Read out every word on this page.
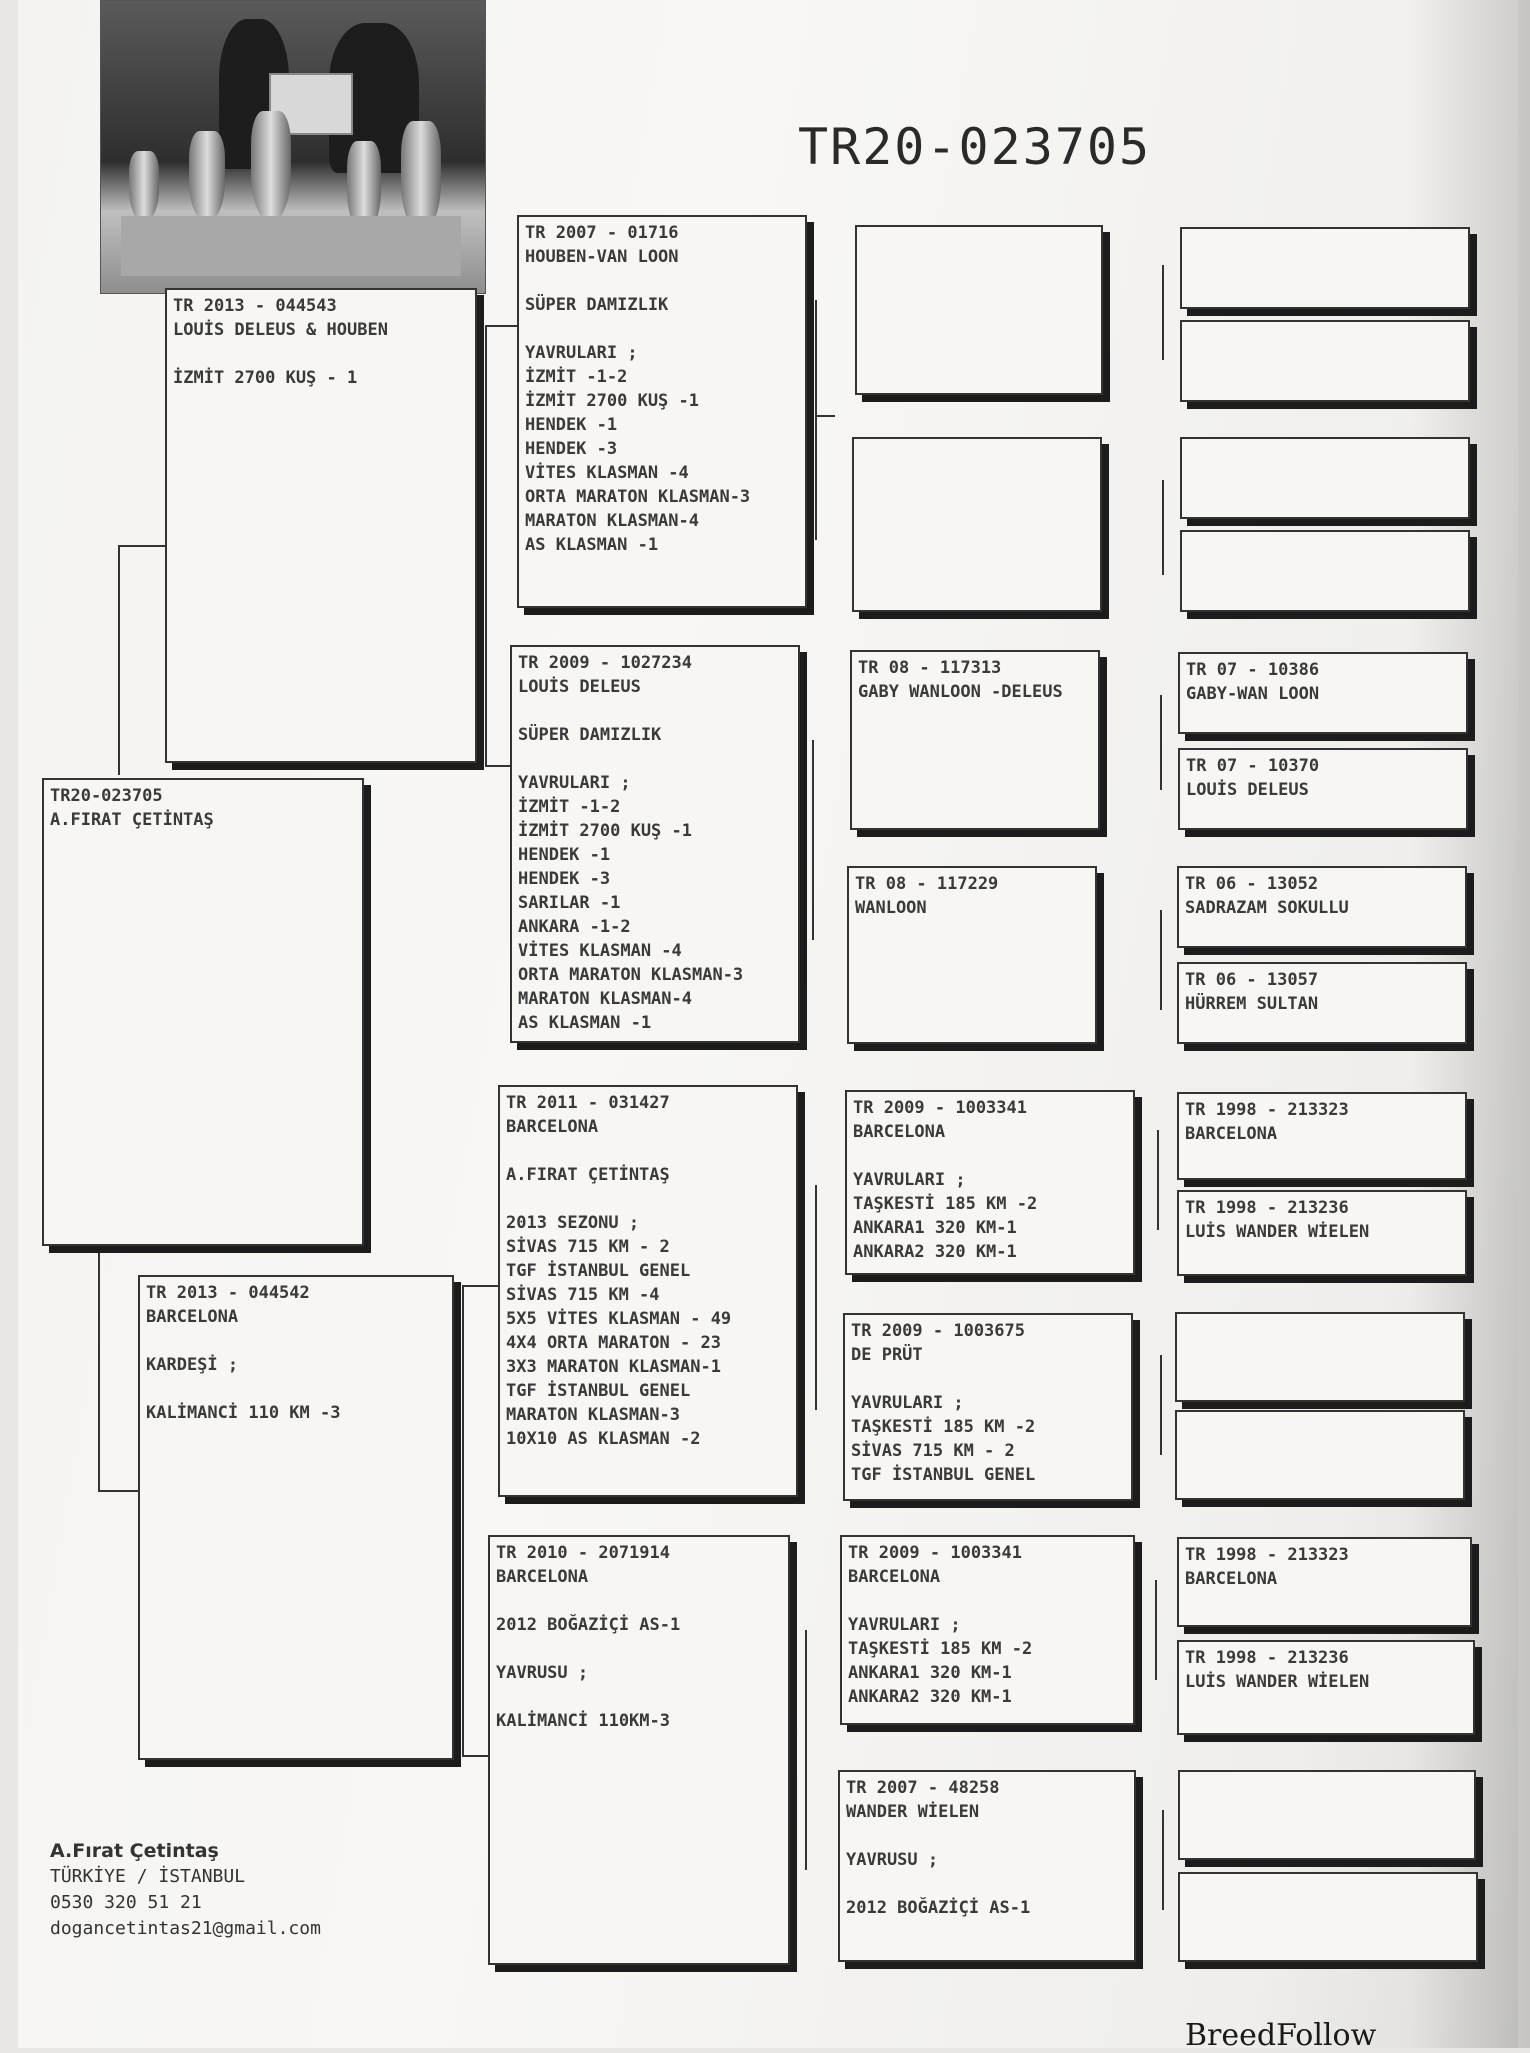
TR20-023705
TR20-023705
A.FIRAT ÇETİNTAŞ
TR 2013 - 044543
LOUİS DELEUS & HOUBEN
İZMİT 2700 KUŞ - 1
TR 2013 - 044542
BARCELONA
KARDEŞİ ;
KALİMANCİ 110 KM -3
TR 2007 - 01716
HOUBEN-VAN LOON
SÜPER DAMIZLIK
YAVRULARI ;
İZMİT -1-2
İZMİT 2700 KUŞ -1
HENDEK -1
HENDEK -3
VİTES KLASMAN -4
ORTA MARATON KLASMAN-3
MARATON KLASMAN-4
AS KLASMAN -1
TR 2009 - 1027234
LOUİS DELEUS
SÜPER DAMIZLIK
YAVRULARI ;
İZMİT -1-2
İZMİT 2700 KUŞ -1
HENDEK -1
HENDEK -3
SARILAR -1
ANKARA -1-2
VİTES KLASMAN -4
ORTA MARATON KLASMAN-3
MARATON KLASMAN-4
AS KLASMAN -1
TR 2011 - 031427
BARCELONA
A.FIRAT ÇETİNTAŞ
2013 SEZONU ;
SİVAS 715 KM - 2
TGF İSTANBUL GENEL
SİVAS 715 KM -4
5X5 VİTES KLASMAN - 49
4X4 ORTA MARATON - 23
3X3 MARATON KLASMAN-1
TGF İSTANBUL GENEL
MARATON KLASMAN-3
10X10 AS KLASMAN -2
TR 2010 - 2071914
BARCELONA
2012 BOĞAZİÇİ AS-1
YAVRUSU ;
KALİMANCİ 110KM-3
TR 08 - 117313
GABY WANLOON -DELEUS
TR 08 - 117229
WANLOON
TR 2009 - 1003341
BARCELONA
YAVRULARI ;
TAŞKESTİ 185 KM -2
ANKARA1 320 KM-1
ANKARA2 320 KM-1
TR 2009 - 1003675
DE PRÜT
YAVRULARI ;
TAŞKESTİ 185 KM -2
SİVAS 715 KM - 2
TGF İSTANBUL GENEL
TR 2009 - 1003341
BARCELONA
YAVRULARI ;
TAŞKESTİ 185 KM -2
ANKARA1 320 KM-1
ANKARA2 320 KM-1
TR 2007 - 48258
WANDER WİELEN
YAVRUSU ;
2012 BOĞAZİÇİ AS-1
TR 07 - 10386
GABY-WAN LOON
TR 07 - 10370
LOUİS DELEUS
TR 06 - 13052
SADRAZAM SOKULLU
TR 06 - 13057
HÜRREM SULTAN
TR 1998 - 213323
BARCELONA
TR 1998 - 213236
LUİS WANDER WİELEN
TR 1998 - 213323
BARCELONA
TR 1998 - 213236
LUİS WANDER WİELEN
A.Fırat Çetintaş
TÜRKİYE / İSTANBUL
0530 320 51 21
dogancetintas21@gmail.com
BreedFollow
